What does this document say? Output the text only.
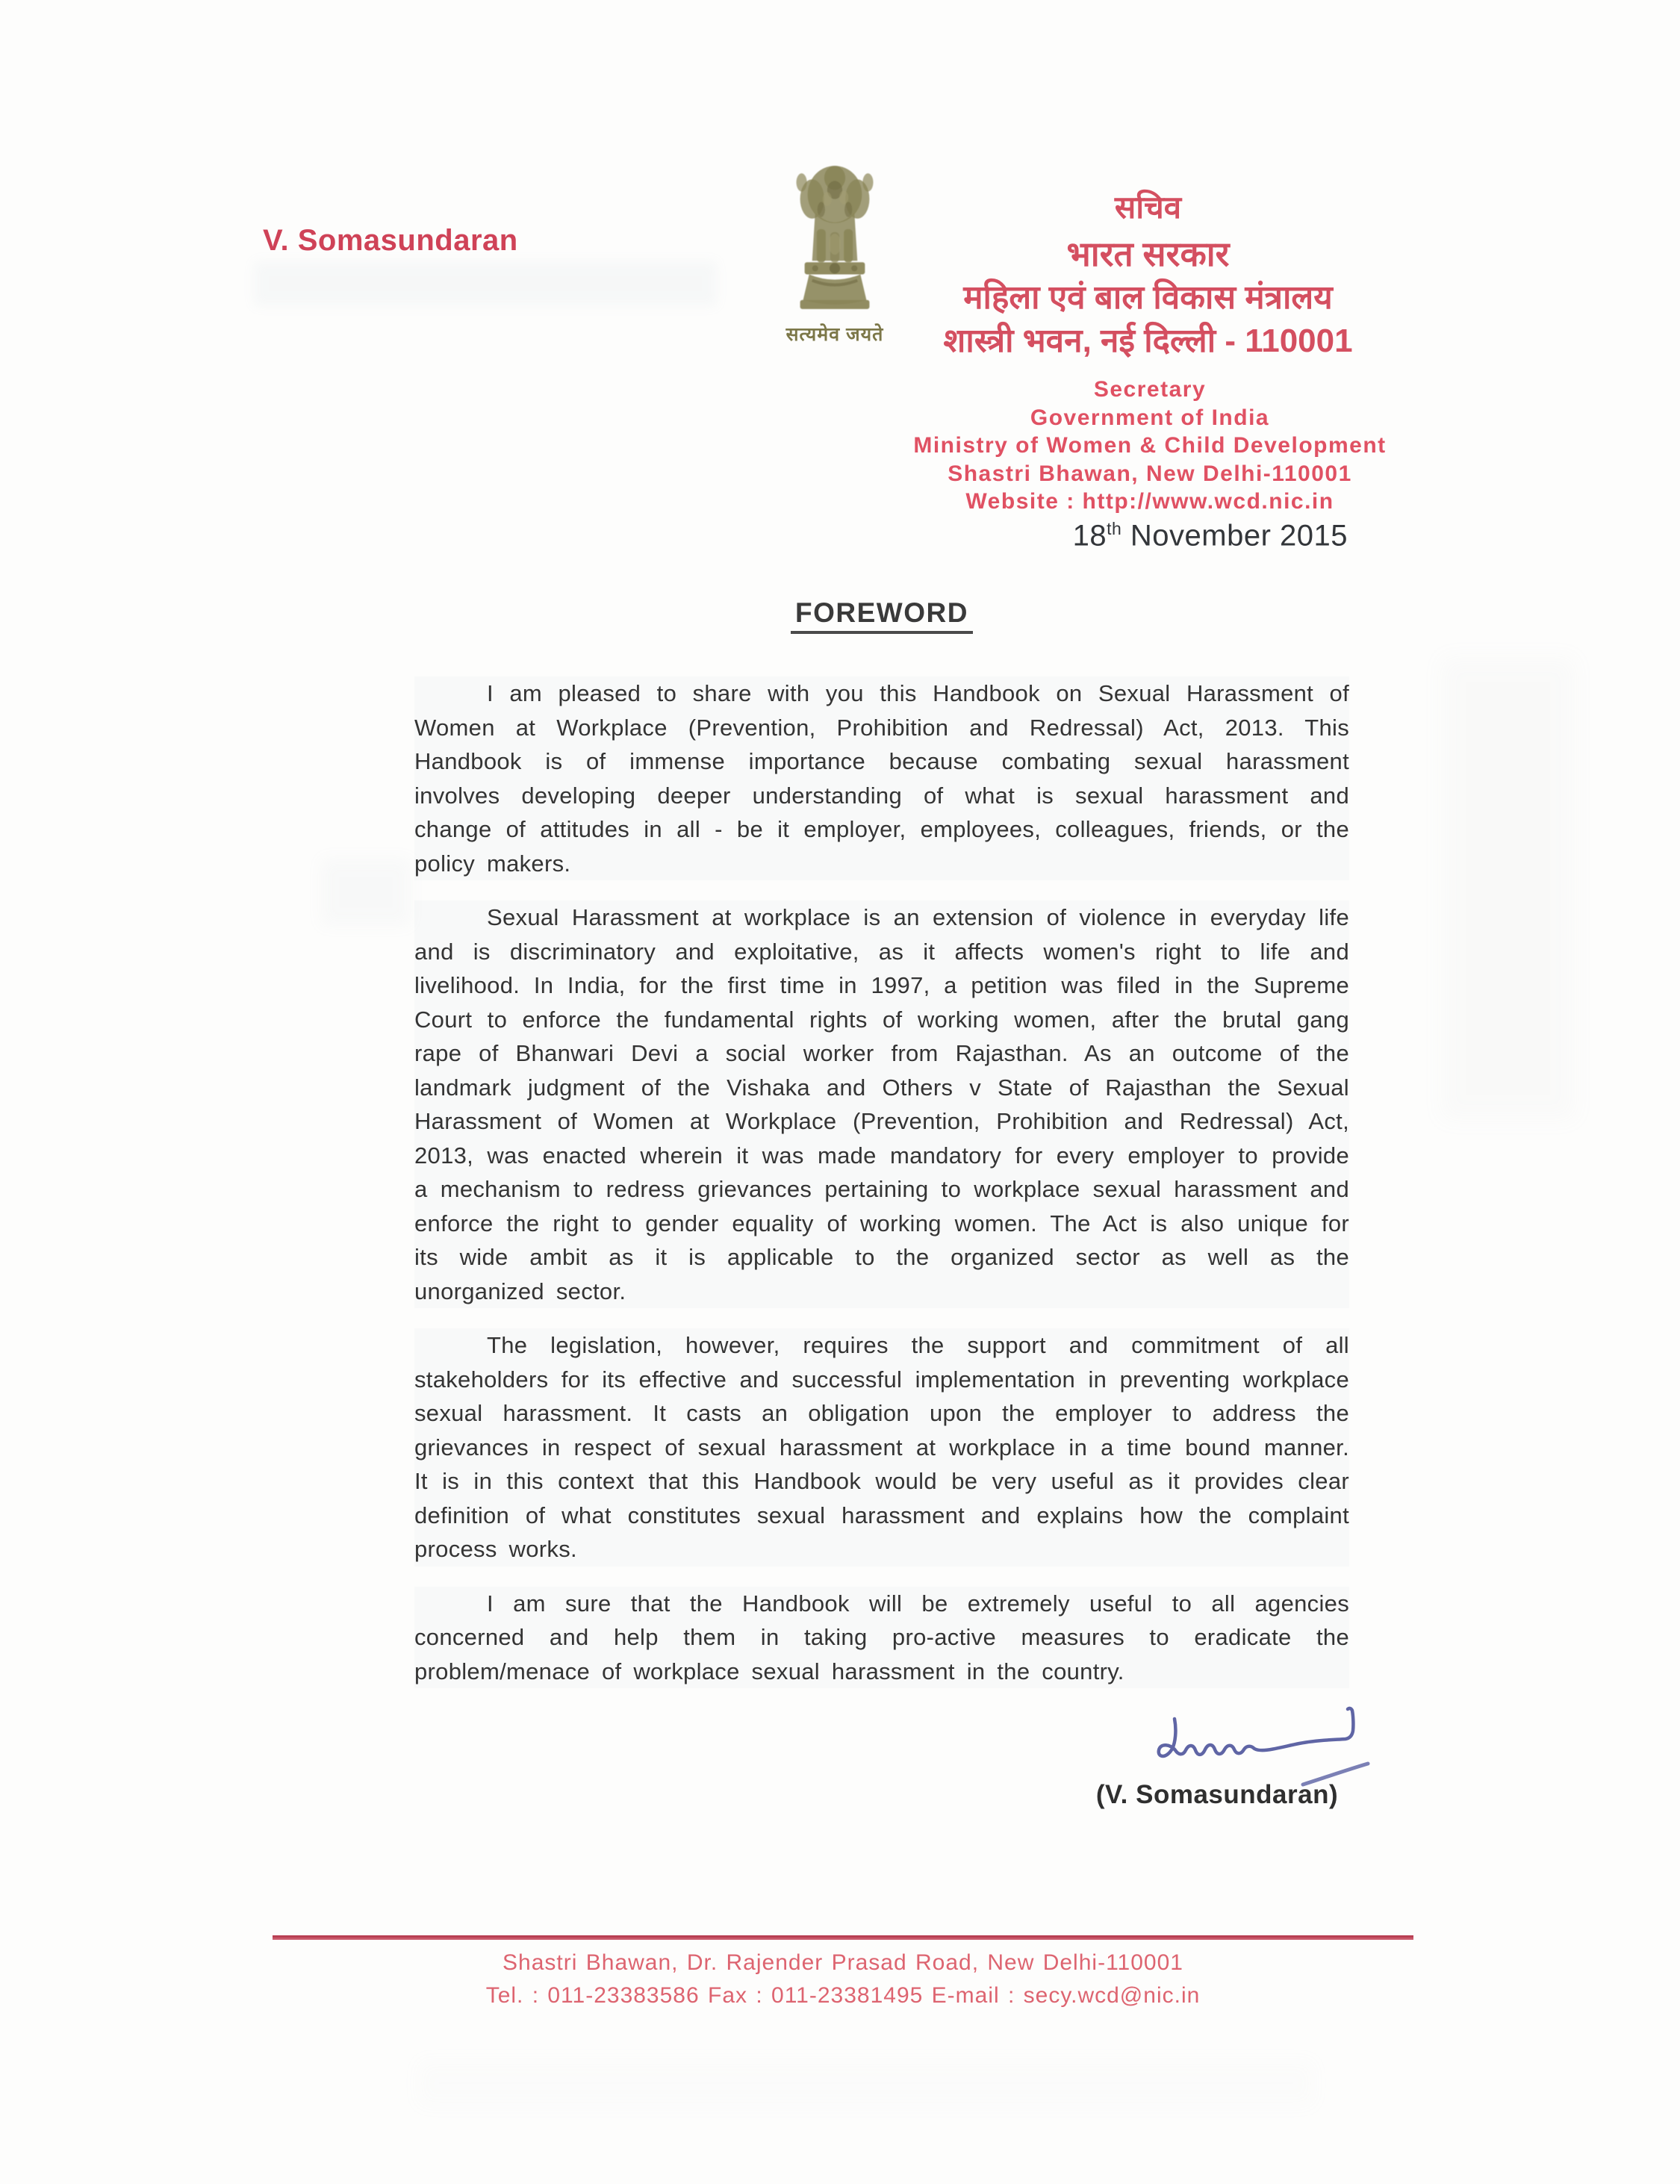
V. Somasundaran
सत्यमेव जयते
सचिव
भारत सरकार
महिला एवं बाल विकास मंत्रालय
शास्त्री भवन, नई दिल्ली - 110001
Secretary
Government of India
Ministry of Women & Child Development
Shastri Bhawan, New Delhi-110001
Website : http://www.wcd.nic.in
18th November 2015
FOREWORD

I am pleased to share with you this Handbook on Sexual Harassment of Women at Workplace (Prevention, Prohibition and Redressal) Act, 2013. This Handbook is of immense importance because combating sexual harassment involves developing deeper understanding of what is sexual harassment and change of attitudes in all - be it employer, employees, colleagues, friends, or the policy makers.

Sexual Harassment at workplace is an extension of violence in everyday life and is discriminatory and exploitative, as it affects women's right to life and livelihood. In India, for the first time in 1997, a petition was filed in the Supreme Court to enforce the fundamental rights of working women, after the brutal gang rape of Bhanwari Devi a social worker from Rajasthan. As an outcome of the landmark judgment of the Vishaka and Others v State of Rajasthan the Sexual Harassment of Women at Workplace (Prevention, Prohibition and Redressal) Act, 2013, was enacted wherein it was made mandatory for every employer to provide a mechanism to redress grievances pertaining to workplace sexual harassment and enforce the right to gender equality of working women. The Act is also unique for its wide ambit as it is applicable to the organized sector as well as the unorganized sector.

The legislation, however, requires the support and commitment of all stakeholders for its effective and successful implementation in preventing workplace sexual harassment. It casts an obligation upon the employer to address the grievances in respect of sexual harassment at workplace in a time bound manner. It is in this context that this Handbook would be very useful as it provides clear definition of what constitutes sexual harassment and explains how the complaint process works.

I am sure that the Handbook will be extremely useful to all agencies concerned and help them in taking pro-active measures to eradicate the problem/menace of workplace sexual harassment in the country.

(V. Somasundaran)
Shastri Bhawan, Dr. Rajender Prasad Road, New Delhi-110001
Tel. : 011-23383586 Fax : 011-23381495 E-mail : secy.wcd@nic.in
